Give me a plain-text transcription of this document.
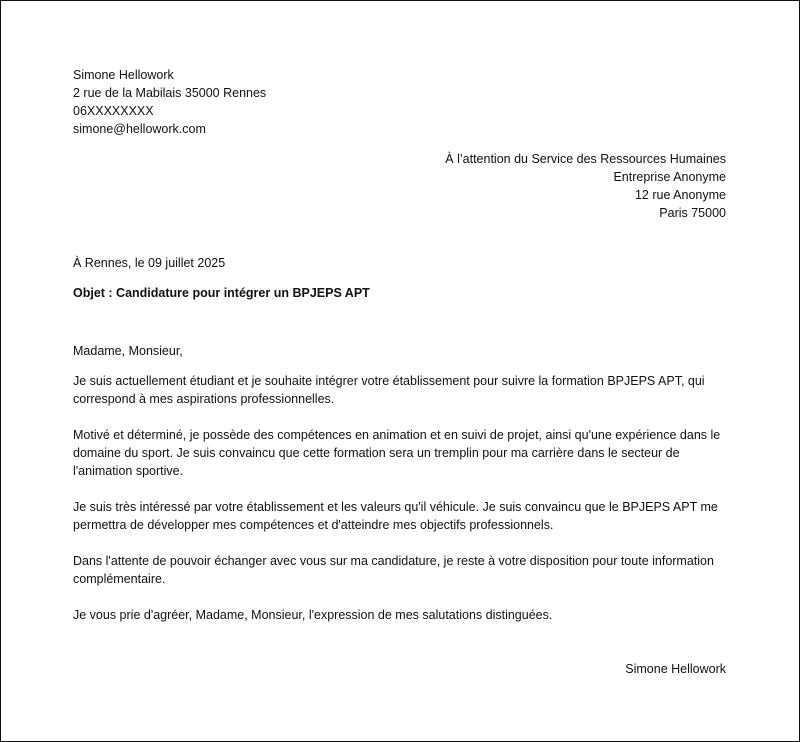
Simone Hellowork
2 rue de la Mabilais 35000 Rennes
06XXXXXXXX
simone@hellowork.com
À l’attention du Service des Ressources Humaines
Entreprise Anonyme
12 rue Anonyme
Paris 75000
À Rennes, le 09 juillet 2025
Objet : Candidature pour intégrer un BPJEPS APT
Madame, Monsieur,

Je suis actuellement étudiant et je souhaite intégrer votre établissement pour suivre la formation BPJEPS APT, qui correspond à mes aspirations professionnelles.

Motivé et déterminé, je possède des compétences en animation et en suivi de projet, ainsi qu'une expérience dans le domaine du sport. Je suis convaincu que cette formation sera un tremplin pour ma carrière dans le secteur de l'animation sportive.

Je suis très intéressé par votre établissement et les valeurs qu'il véhicule. Je suis convaincu que le BPJEPS APT me permettra de développer mes compétences et d'atteindre mes objectifs professionnels.

Dans l'attente de pouvoir échanger avec vous sur ma candidature, je reste à votre disposition pour toute information complémentaire.

Je vous prie d'agréer, Madame, Monsieur, l'expression de mes salutations distinguées.

Simone Hellowork
